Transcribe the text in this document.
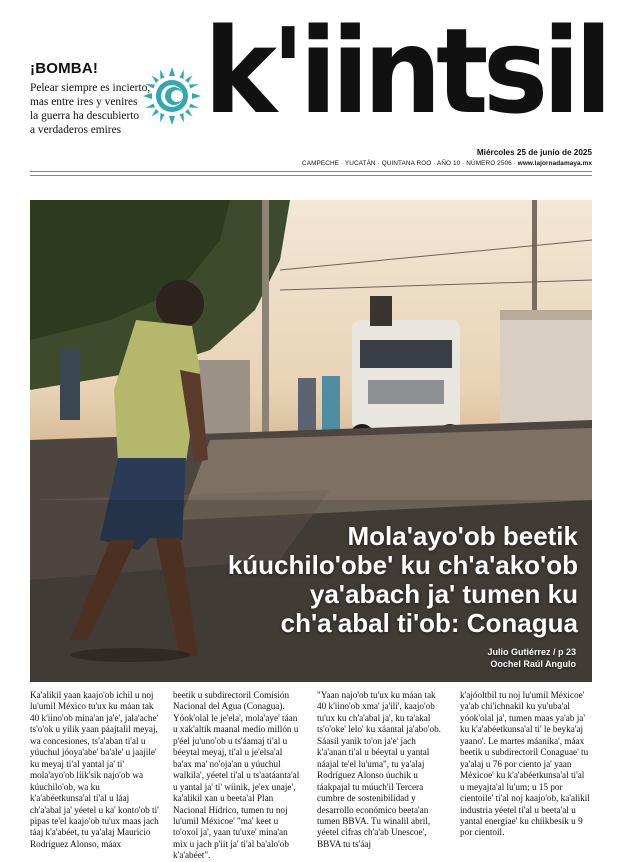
¡BOMBA!

Pelear siempre es incierto,
mas entre ires y venires
la guerra ha descubierto
a verdaderos emires k'iintsil
Miércoles 25 de junio de 2025
CAMPECHE · YUCATÁN · QUINTANA ROO · AÑO 10 · NÚMERO 2506 · www.lajornadamaya.mx
Mola'ayo'ob beetik
kúuchilo'obe' ku ch'a'ako'ob
ya'abach ja' tumen ku
ch'a'abal ti'ob: Conagua

Julio Gutiérrez / p 23

Oochel Raúl Angulo

Ka'alikil yaan kaajo'ob ichil u noj lu'umil México tu'ux ku máan tak 40 k'iino'ob mina'an ja'e', jala'ache' ts'o'ok u yilik yaan páajtalil meyaj, wa concesiones, ts'a'aban ti'al u yúuchul jóoya'abe' ba'ale' u jaajile' ku meyaj ti'al yantal ja' ti' mola'ayo'ob líik'sik najo'ob wa kúuchilo'ob, wa ku k'a'abéetkunsa'al ti'al u láaj ch'a'abal ja' yéetel u ka' konto'ob ti' pipas te'el kaajo'ob tu'ux maas jach táaj k'a'abéet, tu ya'alaj Mauricio Rodríguez Alonso, máax

beetik u subdirectoril Comisión Nacional del Agua (Conagua). Yóok'olal le je'ela', mola'aye' táan u xak'altik maanal medio millón u p'éel ju'uno'ob u ts'áamaj ti'al u béeytal meyaj, ti'al u je'elsa'al ba'ax ma' no'oja'an u yúuchul walkila', yéetel ti'al u ts'aatáanta'al u yantal ja' ti' wíinik, je'ex unaje', ka'alikil xan u beeta'al Plan Nacional Hídrico, tumen tu noj lu'umil Méxicoe' "ma' keet u to'oxol ja', yaan tu'uxe' mina'an mix u jach p'iit ja' ti'al ba'alo'ob k'a'abéet".

"Yaan najo'ob tu'ux ku máan tak 40 k'iino'ob xma' ja'ili', kaajo'ob tu'ux ku ch'a'abal ja', ku ta'akal ts'o'oke' lelo' ku xáantal ja'abo'ob. Sáasil yanik to'on ja'e' jach k'a'anan ti'al u béeytal u yantal náajal te'el lu'uma", tu ya'alaj Rodríguez Alonso úuchik u táakpajal tu múuch'il Tercera cumbre de sostenibilidad y desarrollo económico beeta'an tumen BBVA. Tu winalil abril, yéetel cifras ch'a'ab Unescoe', BBVA tu ts'áaj

k'ajóoltbil tu noj lu'umil Méxicoe' ya'ab chi'ichnakil ku yu'uba'al yóok'olal ja', tumen maas ya'ab ja' ku k'a'abéetkunsa'al ti' le beyka'aj yaano'. Le martes máanika', máax beetik u subdirectoril Conaguae' tu ya'alaj u 76 por ciento ja' yaan Méxicoe' ku k'a'abéetkunsa'al ti'al u meyajta'al lu'um; u 15 por cientoile' ti'al noj kaajo'ob, ka'alikil industria yéetel ti'al u beeta'al u yantal energíae' ku chíikbesik u 9 por cientoil.
